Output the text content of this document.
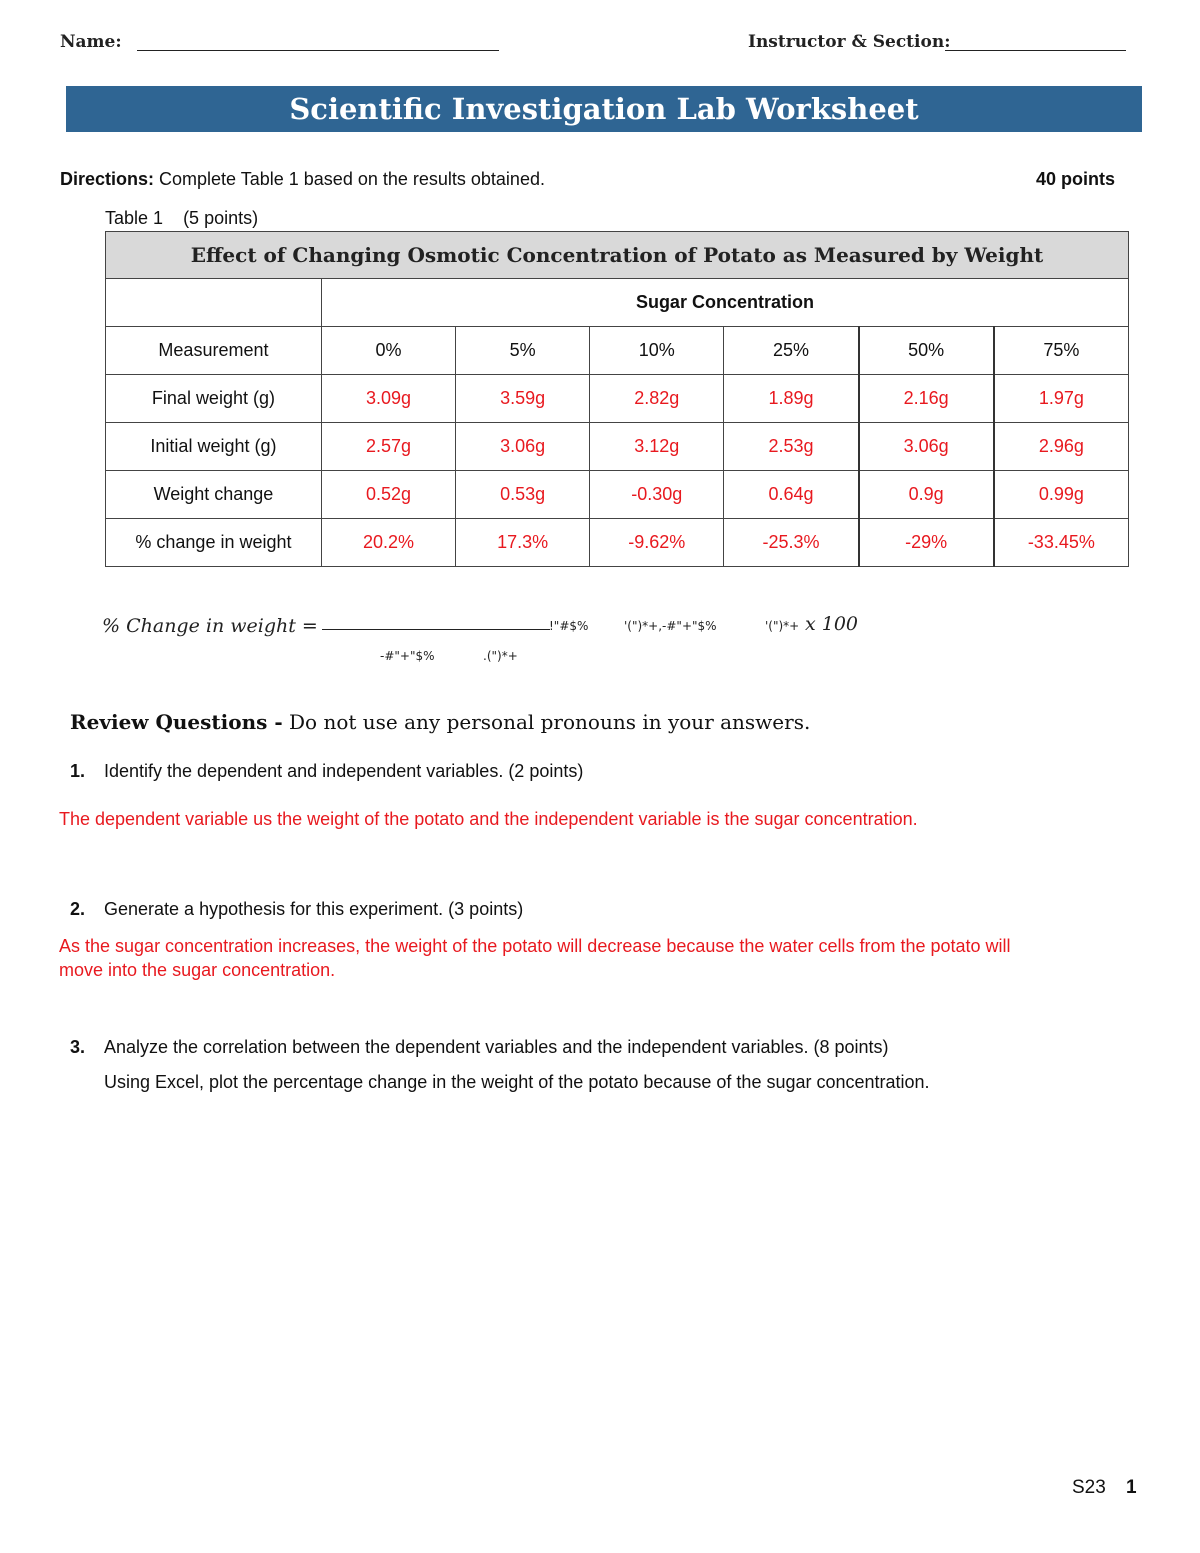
Name:	Instructor & Section:
Scientific Investigation Lab Worksheet
Directions: Complete Table 1 based on the results obtained.	40 points
Table 1 (5 points)
Effect of Changing Osmotic Concentration of Potato as Measured by Weight						
	Sugar Concentration					
Measurement	0%	5%	10%	25%	50%	75%
Final weight (g)	3.09g	3.59g	2.82g	1.89g	2.16g	1.97g
Initial weight (g)	2.57g	3.06g	3.12g	2.53g	3.06g	2.96g
Weight change	0.52g	0.53g	-0.30g	0.64g	0.9g	0.99g
% change in weight	20.2%	17.3%	-9.62%	-25.3%	-29%	-33.45%
% Change in weight =	!"#$%	'(")*+,-#"+"$%	'(")*+ x 100
-#"+"$%	.(")*+
Review Questions - Do not use any personal pronouns in your answers.
1. Identify the dependent and independent variables. (2 points)
The dependent variable us the weight of the potato and the independent variable is the sugar concentration.
2. Generate a hypothesis for this experiment. (3 points)
As the sugar concentration increases, the weight of the potato will decrease because the water cells from the potato will
move into the sugar concentration.
3. Analyze the correlation between the dependent variables and the independent variables. (8 points)
Using Excel, plot the percentage change in the weight of the potato because of the sugar concentration.
S23 1
